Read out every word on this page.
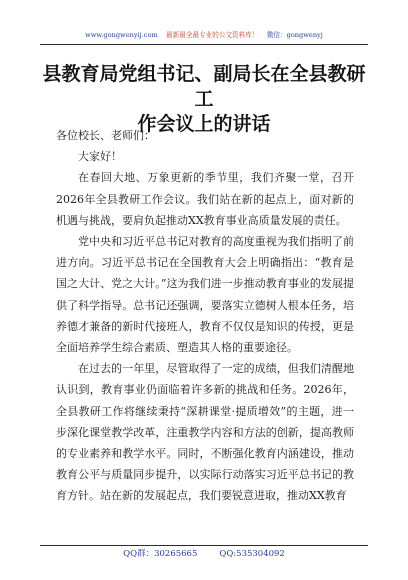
www.gongwenyij.com 最新最全最专业的公文资料库！ 微信：gongwenyj
县教育局党组书记、副局长在全县教研工
作会议上的讲话

各位校长、老师们：

大家好！

在春回大地、万象更新的季节里，我们齐聚一堂，召开2026年全县教研工作会议。我们站在新的起点上，面对新的机遇与挑战，要肩负起推动XX教育事业高质量发展的责任。

党中央和习近平总书记对教育的高度重视为我们指明了前进方向。习近平总书记在全国教育大会上明确指出：“教育是国之大计、党之大计。”这为我们进一步推动教育事业的发展提供了科学指导。总书记还强调，要落实立德树人根本任务，培养德才兼备的新时代接班人，教育不仅仅是知识的传授，更是全面培养学生综合素质、塑造其人格的重要途径。

在过去的一年里，尽管取得了一定的成绩，但我们清醒地认识到，教育事业仍面临着许多新的挑战和任务。2026年，全县教研工作将继续秉持“深耕课堂·提质增效”的主题，进一步深化课堂教学改革，注重教学内容和方法的创新，提高教师的专业素养和教学水平。同时，不断强化教育内涵建设，推动教育公平与质量同步提升，以实际行动落实习近平总书记的教育方针。站在新的发展起点，我们要锐意进取，推动XX教育

QQ群：30265665	QQ:535304092
